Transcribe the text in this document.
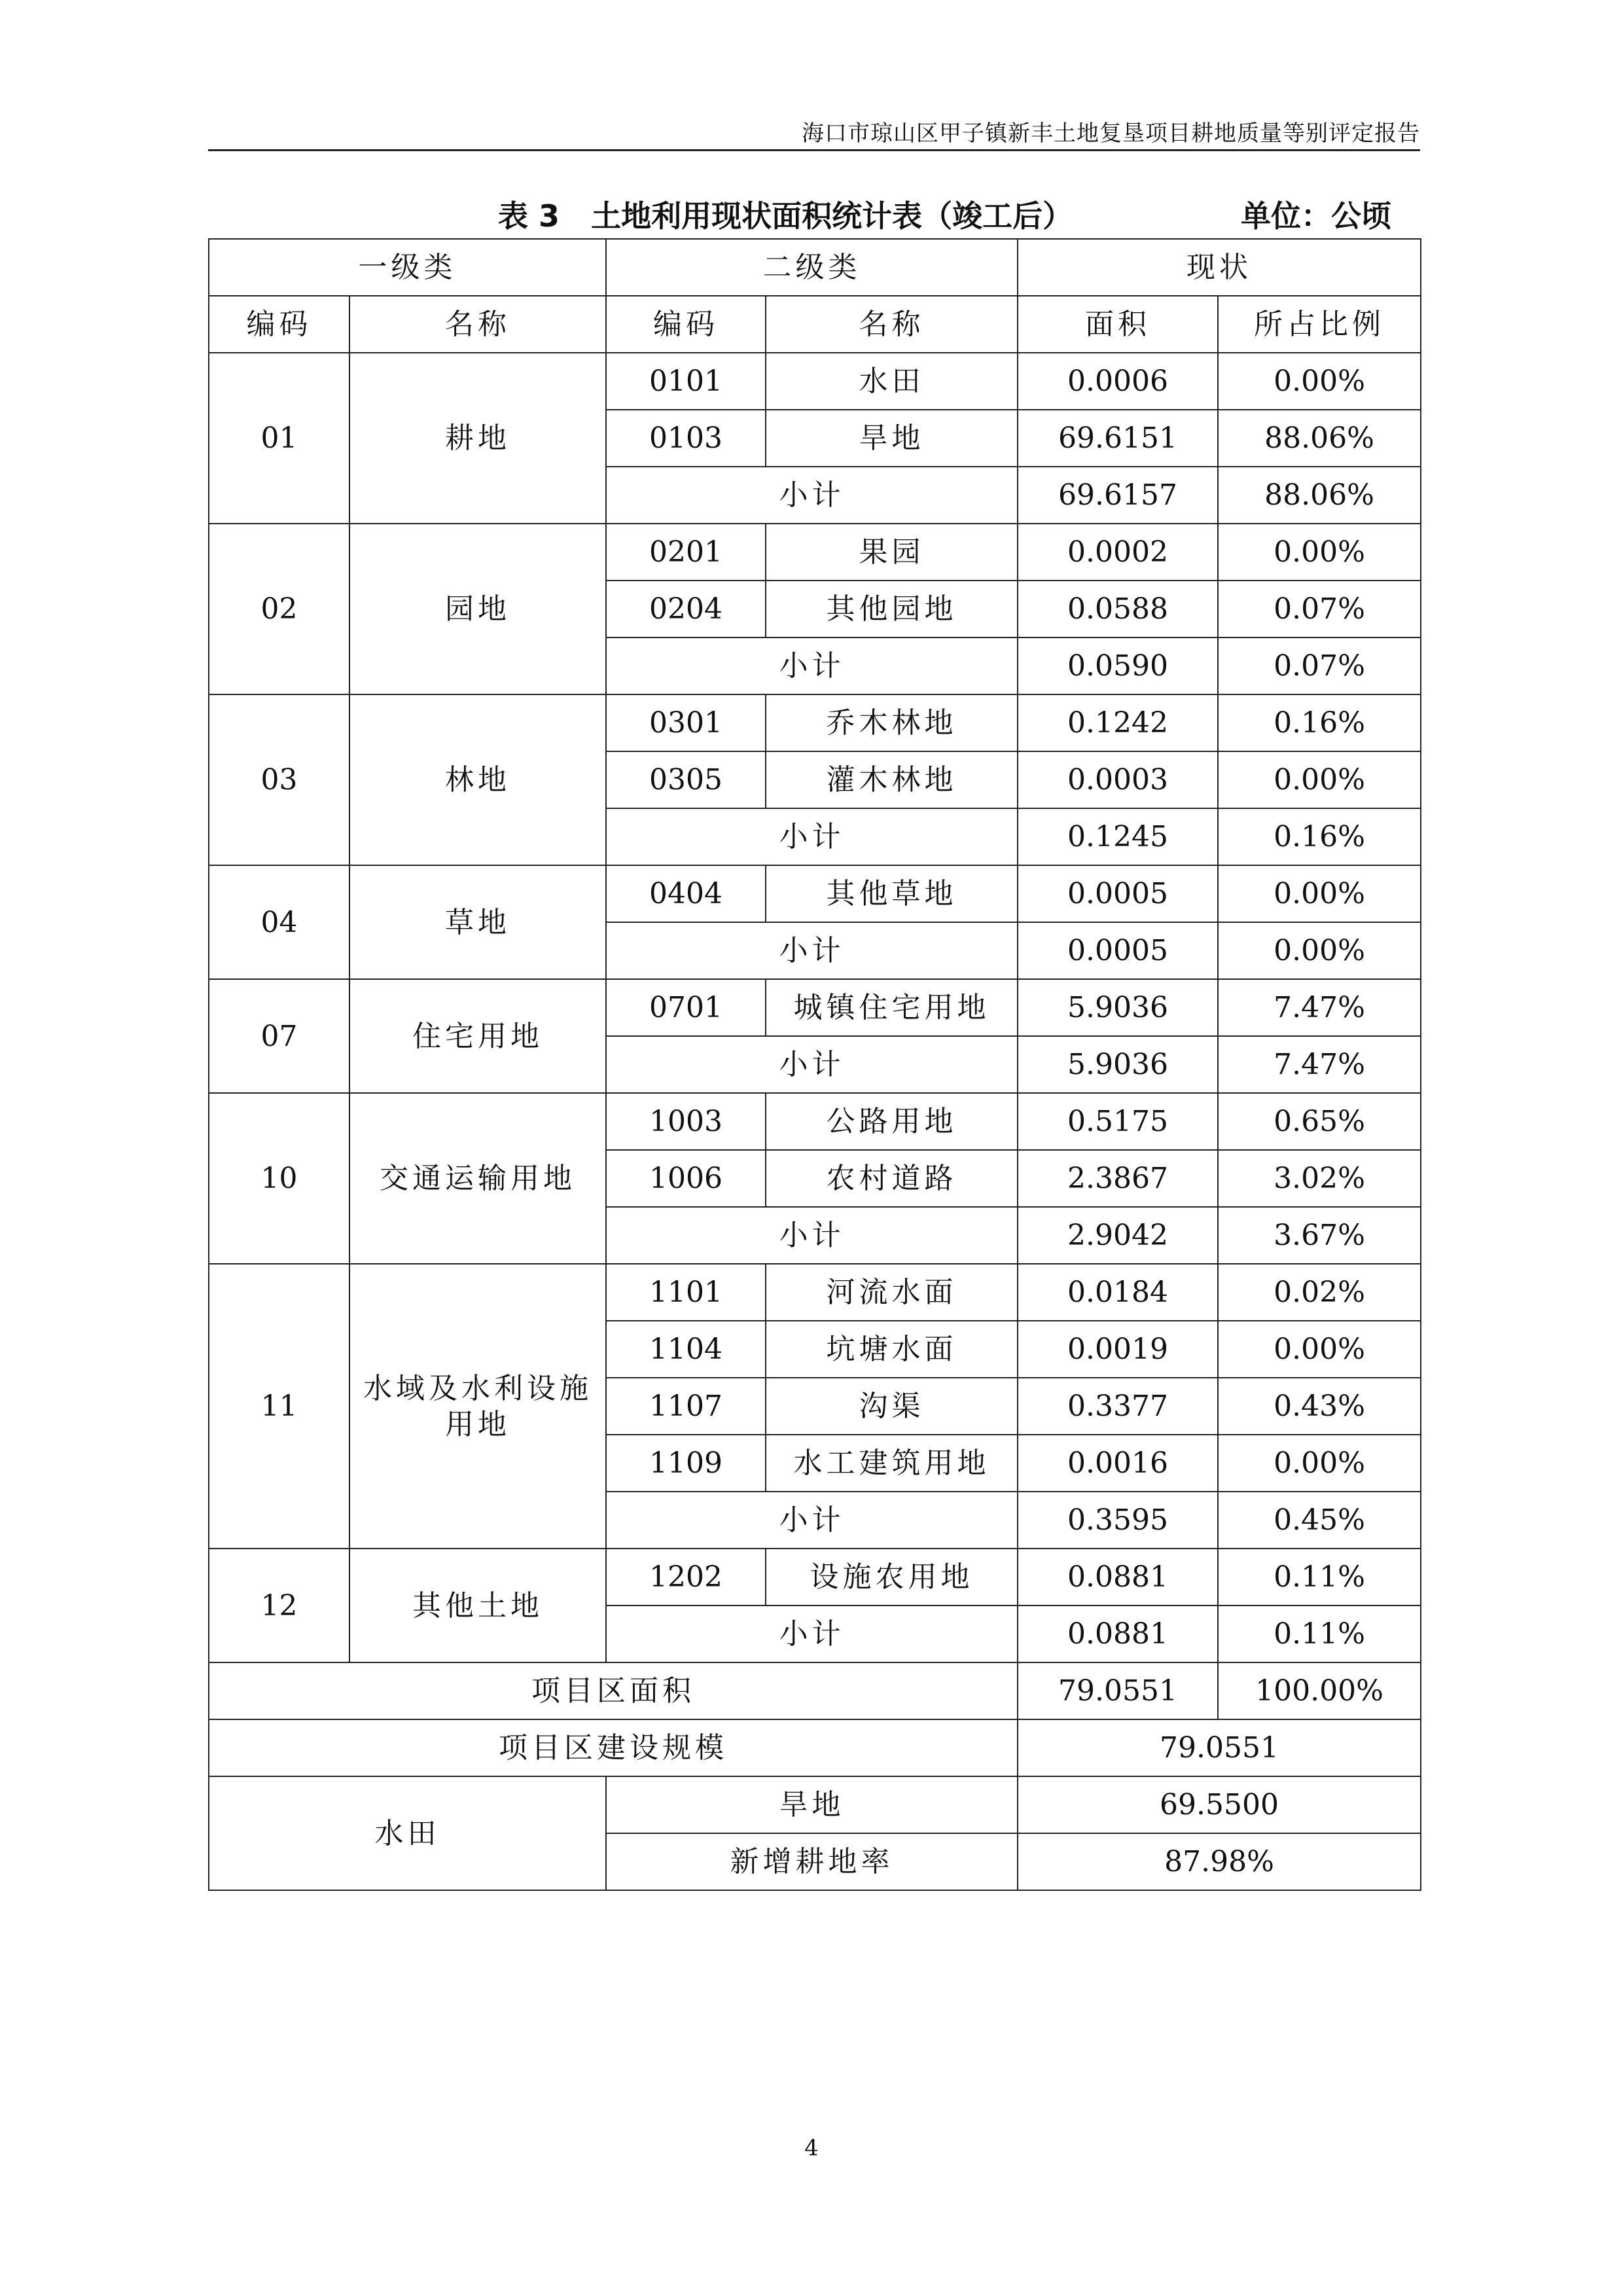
海口市琼山区甲子镇新丰土地复垦项目耕地质量等别评定报告
表 3   土地利用现状面积统计表（竣工后）	单位：公顷
一级类		二级类		现状	
编码	名称	编码	名称	面积	所占比例
01	耕地	0101	水田	0.0006	0.00%
		0103	旱地	69.6151	88.06%
		小计		69.6157	88.06%
02	园地	0201	果园	0.0002	0.00%
		0204	其他园地	0.0588	0.07%
		小计		0.0590	0.07%
03	林地	0301	乔木林地	0.1242	0.16%
		0305	灌木林地	0.0003	0.00%
		小计		0.1245	0.16%
04	草地	0404	其他草地	0.0005	0.00%
		小计		0.0005	0.00%
07	住宅用地	0701	城镇住宅用地	5.9036	7.47%
		小计		5.9036	7.47%
10	交通运输用地	1003	公路用地	0.5175	0.65%
		1006	农村道路	2.3867	3.02%
		小计		2.9042	3.67%
11	水域及水利设施用地	1101	河流水面	0.0184	0.02%
		1104	坑塘水面	0.0019	0.00%
		1107	沟渠	0.3377	0.43%
		1109	水工建筑用地	0.0016	0.00%
		小计		0.3595	0.45%
12	其他土地	1202	设施农用地	0.0881	0.11%
		小计		0.0881	0.11%
项目区面积				79.0551	100.00%
项目区建设规模				79.0551	
水田		旱地		69.5500	
		新增耕地率		87.98%	
4
